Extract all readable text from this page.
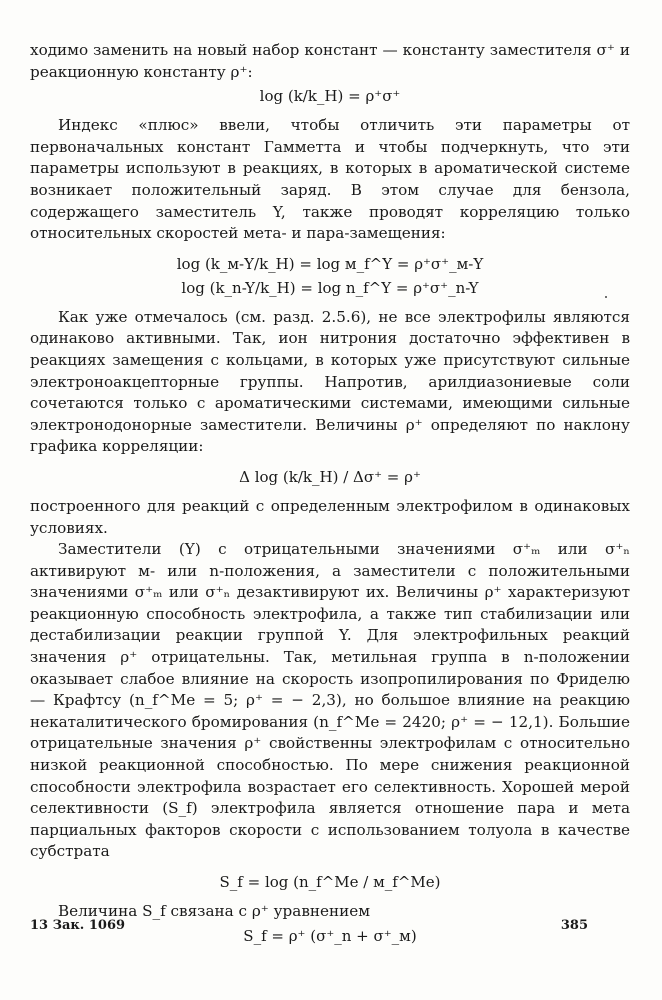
ходимо заменить на новый набор констант — константу заместителя σ⁺ и реакционную константу ρ⁺:

log (k/k_H) = ρ⁺σ⁺

Индекс «плюс» ввели, чтобы отличить эти параметры от первоначальных констант Гамметта и чтобы подчеркнуть, что эти параметры используют в реакциях, в которых в ароматической системе возникает положительный заряд. В этом случае для бензола, содержащего заместитель Y, также проводят корреляцию только относительных скоростей мета- и пара-замещения:

log (k_м-Y/k_H) = log м_f^Y = ρ⁺σ⁺_м-Y
log (k_n-Y/k_H) = log n_f^Y = ρ⁺σ⁺_n-Y

Как уже отмечалось (см. разд. 2.5.6), не все электрофилы являются одинаково активными. Так, ион нитрония достаточно эффективен в реакциях замещения с кольцами, в которых уже присутствуют сильные электроноакцепторные группы. Напротив, арилдиазониевые соли сочетаются только с ароматическими системами, имеющими сильные электронодонорные заместители. Величины ρ⁺ определяют по наклону графика корреляции:

Δ log (k/k_H) / Δσ⁺ = ρ⁺

построенного для реакций с определенным электрофилом в одинаковых условиях.

Заместители (Y) с отрицательными значениями σ⁺ₘ или σ⁺ₙ активируют м- или n-положения, а заместители с положительными значениями σ⁺ₘ или σ⁺ₙ дезактивируют их. Величины ρ⁺ характеризуют реакционную способность электрофила, а также тип стабилизации или дестабилизации реакции группой Y. Для электрофильных реакций значения ρ⁺ отрицательны. Так, метильная группа в n-положении оказывает слабое влияние на скорость изопропилирования по Фриделю — Крафтсу (n_f^Me = 5; ρ⁺ = − 2,3), но большое влияние на реакцию некаталитического бромирования (n_f^Me = 2420; ρ⁺ = − 12,1). Большие отрицательные значения ρ⁺ свойственны электрофилам с относительно низкой реакционной способностью. По мере снижения реакционной способности электрофила возрастает его селективность. Хорошей мерой селективности (S_f) электрофила является отношение пара и мета парциальных факторов скорости с использованием толуола в качестве субстрата

S_f = log (n_f^Me / м_f^Me)

Величина S_f связана с ρ⁺ уравнением

S_f = ρ⁺ (σ⁺_n + σ⁺_м)
13 Зак. 1069	385
